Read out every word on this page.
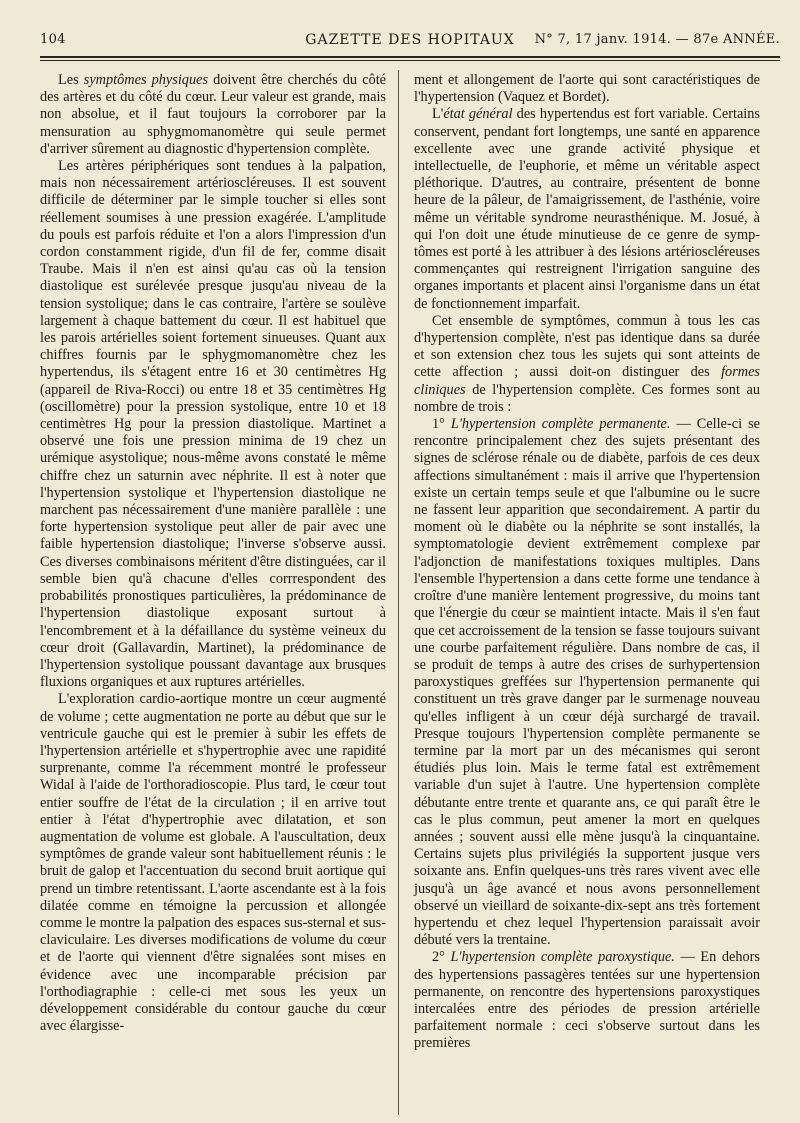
104	GAZETTE DES HOPITAUX	N° 7, 17 janv. 1914. — 87e ANNÉE.

Les symptômes physiques doivent être cherchés du côté des artères et du côté du cœur. Leur valeur est grande, mais non absolue, et il faut toujours la corroborer par la mensuration au sphygmomanomètre qui seule permet d'arriver sûrement au diagnostic d'hypertension complète.

Les artères périphériques sont tendues à la palpation, mais non nécessairement artérioscléreuses. Il est souvent difficile de déterminer par le simple toucher si elles sont réellement soumises à une pression exagérée. L'amplitude du pouls est parfois réduite et l'on a alors l'impression d'un cordon constamment rigide, d'un fil de fer, comme disait Traube. Mais il n'en est ainsi qu'au cas où la tension diastolique est surélevée presque jusqu'au niveau de la tension systolique; dans le cas contraire, l'artère se soulève largement à chaque battement du cœur. Il est habituel que les parois artérielles soient fortement sinueuses. Quant aux chiffres fournis par le sphygmomanomètre chez les hypertendus, ils s'étagent entre 16 et 30 centimètres Hg (appareil de Riva-Rocci) ou entre 18 et 35 centimètres Hg (oscillomètre) pour la pression systolique, entre 10 et 18 centimètres Hg pour la pression diastolique. Martinet a observé une fois une pression minima de 19 chez un urémique asystolique; nous-même avons constaté le même chiffre chez un saturnin avec néphrite. Il est à noter que l'hypertension systolique et l'hypertension diastolique ne marchent pas nécessairement d'une manière parallèle : une forte hypertension systolique peut aller de pair avec une faible hypertension diastolique; l'inverse s'observe aussi. Ces diverses combinaisons méritent d'être distinguées, car il semble bien qu'à chacune d'elles corrrespondent des probabilités pronostiques particulières, la prédominance de l'hypertension diastolique exposant surtout à l'encombrement et à la défaillance du système veineux du cœur droit (Gallavardin, Martinet), la prédominance de l'hypertension systolique poussant davantage aux brusques fluxions organiques et aux ruptures artérielles.

L'exploration cardio-aortique montre un cœur augmenté de volume ; cette augmentation ne porte au début que sur le ventricule gauche qui est le premier à subir les effets de l'hypertension artérielle et s'hypertrophie avec une rapidité surprenante, comme l'a récemment montré le professeur Widal à l'aide de l'orthoradioscopie. Plus tard, le cœur tout entier souffre de l'état de la circulation ; il en arrive tout entier à l'état d'hypertrophie avec dilatation, et son augmentation de volume est globale. A l'auscultation, deux symptômes de grande valeur sont habituellement réunis : le bruit de galop et l'accentuation du second bruit aortique qui prend un timbre retentissant. L'aorte ascendante est à la fois dilatée comme en témoigne la percussion et allongée comme le montre la palpation des espaces sus-sternal et sus-claviculaire. Les diverses modifications de volume du cœur et de l'aorte qui viennent d'être signalées sont mises en évidence avec une incomparable précision par l'orthodiagraphie : celle-ci met sous les yeux un développement considérable du contour gauche du cœur avec élargisse-

ment et allongement de l'aorte qui sont caractéristiques de l'hypertension (Vaquez et Bordet).

L'état général des hypertendus est fort variable. Certains conservent, pendant fort longtemps, une santé en apparence excellente avec une grande activité physique et intellectuelle, de l'euphorie, et même un véritable aspect pléthorique. D'autres, au contraire, présentent de bonne heure de la pâleur, de l'amaigrissement, de l'asthénie, voire même un véritable syndrome neurasthénique. M. Josué, à qui l'on doit une étude minutieuse de ce genre de symptômes est porté à les attribuer à des lésions artérioscléreuses commençantes qui restreignent l'irrigation sanguine des organes importants et placent ainsi l'organisme dans un état de fonctionnement imparfait.

Cet ensemble de symptômes, commun à tous les cas d'hypertension complète, n'est pas identique dans sa durée et son extension chez tous les sujets qui sont atteints de cette affection ; aussi doit-on distinguer des formes cliniques de l'hypertension complète. Ces formes sont au nombre de trois :

1° L'hypertension complète permanente. — Celle-ci se rencontre principalement chez des sujets présentant des signes de sclérose rénale ou de diabète, parfois de ces deux affections simultanément : mais il arrive que l'hypertension existe un certain temps seule et que l'albumine ou le sucre ne fassent leur apparition que secondairement. A partir du moment où le diabète ou la néphrite se sont installés, la symptomatologie devient extrêmement complexe par l'adjonction de manifestations toxiques multiples. Dans l'ensemble l'hypertension a dans cette forme une tendance à croître d'une manière lentement progressive, du moins tant que l'énergie du cœur se maintient intacte. Mais il s'en faut que cet accroissement de la tension se fasse toujours suivant une courbe parfaitement régulière. Dans nombre de cas, il se produit de temps à autre des crises de surhypertension paroxystiques greffées sur l'hypertension permanente qui constituent un très grave danger par le surmenage nouveau qu'elles infligent à un cœur déjà surchargé de travail. Presque toujours l'hypertension complète permanente se termine par la mort par un des mécanismes qui seront étudiés plus loin. Mais le terme fatal est extrêmement variable d'un sujet à l'autre. Une hypertension complète débutante entre trente et quarante ans, ce qui paraît être le cas le plus commun, peut amener la mort en quelques années ; souvent aussi elle mène jusqu'à la cinquantaine. Certains sujets plus privilégiés la supportent jusque vers soixante ans. Enfin quelques-uns très rares vivent avec elle jusqu'à un âge avancé et nous avons personnellement observé un vieillard de soixante-dix-sept ans très fortement hypertendu et chez lequel l'hypertension paraissait avoir débuté vers la trentaine.

2° L'hypertension complète paroxystique. — En dehors des hypertensions passagères tentées sur une hypertension permanente, on rencontre des hypertensions paroxystiques intercalées entre des périodes de pression artérielle parfaitement normale : ceci s'observe surtout dans les premières
